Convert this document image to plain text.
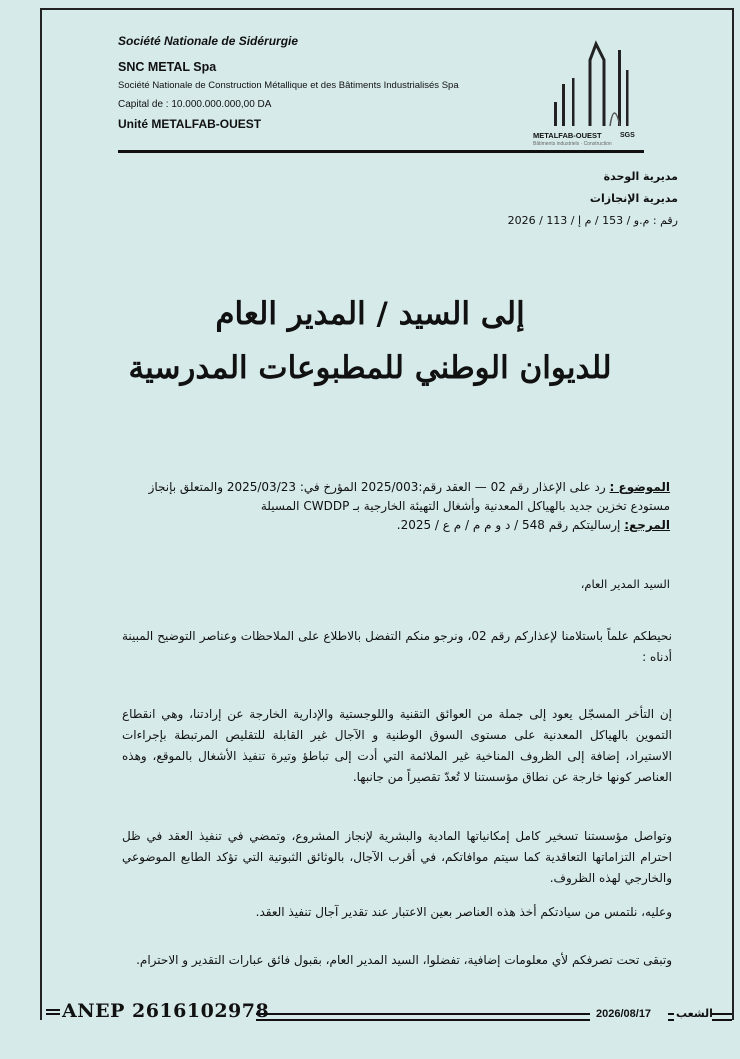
Société Nationale de Sidérurgie
SNC METAL Spa
Société Nationale de Construction Métallique et des Bâtiments Industrialisés Spa
Capital de : 10.000.000.000,00 DA
Unité METALFAB-OUEST
METALFAB-OUEST
Bâtiments industriels · Construction
SGS
مديرية الوحدة
مديرية الإنجازات
رقم : م.و / 153 / م إ / 113 / 2026
إلى السيد / المدير العام
للديوان الوطني للمطبوعات المدرسية
الموضوع : رد على الإعذار رقم 02 — العقد رقم:2025/003 المؤرخ في: 2025/03/23 والمتعلق بإنجاز مستودع تخزين جديد بالهياكل المعدنية وأشغال التهيئة الخارجية بـ CWDDP المسيلة
المرجع: إرساليتكم رقم 548 / د و م م / م ع / 2025.
السيد المدير العام،
نحيطكم علماً باستلامنا لإعذاركم رقم 02، ونرجو منكم التفضل بالاطلاع على الملاحظات وعناصر التوضيح المبينة أدناه :
إن التأخر المسجّل يعود إلى جملة من العوائق التقنية واللوجستية والإدارية الخارجة عن إرادتنا، وهي انقطاع التموين بالهياكل المعدنية على مستوى السوق الوطنية و الآجال غير القابلة للتقليص المرتبطة بإجراءات الاستيراد، إضافة إلى الظروف المناخية غير الملائمة التي أدت إلى تباطؤ وتيرة تنفيذ الأشغال بالموقع، وهذه العناصر كونها خارجة عن نطاق مؤسستنا لا تُعدّ تقصيراً من جانبها.
وتواصل مؤسستنا تسخير كامل إمكانياتها المادية والبشرية لإنجاز المشروع، وتمضي في تنفيذ العقد في ظل احترام التزاماتها التعاقدية كما سيتم موافاتكم، في أقرب الآجال، بالوثائق الثبوتية التي تؤكد الطابع الموضوعي والخارجي لهذه الظروف.
وعليه، نلتمس من سيادتكم أخذ هذه العناصر بعين الاعتبار عند تقدير آجال تنفيذ العقد.
وتبقى تحت تصرفكم لأي معلومات إضافية، تفضلوا، السيد المدير العام، بقبول فائق عبارات التقدير و الاحترام.
ANEP 2616102978	2026/08/17 الشعب
